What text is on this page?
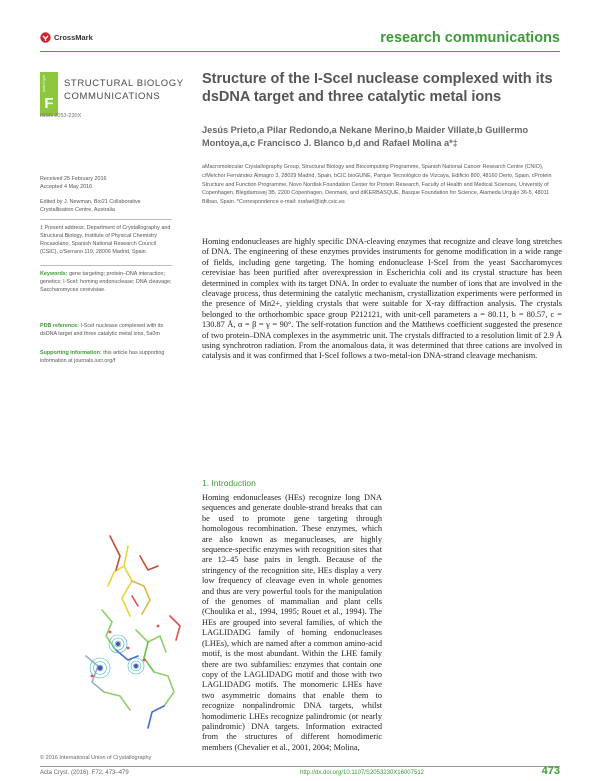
CrossMark	research communications
F
Acta Cryst. STRUCTURAL BIOLOGY
COMMUNICATIONS
ISSN 2053-230X
Received 25 February 2016
Accepted 4 May 2016
Edited by J. Newman, Bio21 Collaborative Crystallisation Centre, Australia
‡ Present address: Department of Crystallography and Structural Biology, Institute of Physical Chemistry Rocasolano, Spanish National Research Council (CSIC), c/Serrano 119, 28006 Madrid, Spain.
Keywords: gene targeting; protein–DNA interaction; genetics; I-SceI; homing endonuclease; DNA cleavage; Saccharomyces cerevisiae.
PDB reference: I-SceI nuclease complexed with its dsDNA target and three catalytic metal ions, 5a0m
Supporting information: this article has supporting information at journals.iucr.org/f
Structure of the I-SceI nuclease complexed with its dsDNA target and three catalytic metal ions
Jesús Prieto,a Pilar Redondo,a Nekane Merino,b Maider Villate,b Guillermo Montoya,a,c Francisco J. Blanco b,d and Rafael Molina a*‡
aMacromolecular Crystallography Group, Structural Biology and Biocomputing Programme, Spanish National Cancer Research Centre (CNIO), c/Melchor Fernández Almagro 3, 28029 Madrid, Spain, bCIC bioGUNE, Parque Tecnológico de Vizcaya, Edificio 800, 48160 Derio, Spain, cProtein Structure and Function Programme, Novo Nordisk Foundation Center for Protein Research, Faculty of Health and Medical Sciences, University of Copenhagen, Blegdamsvej 3B, 2200 Copenhagen, Denmark, and dIKERBASQUE, Basque Foundation for Science, Alameda Urquijo 36-5, 48011 Bilbao, Spain. *Correspondence e-mail: xrafael@iqfr.csic.es
Homing endonucleases are highly specific DNA-cleaving enzymes that recognize and cleave long stretches of DNA. The engineering of these enzymes provides instruments for genome modification in a wide range of fields, including gene targeting. The homing endonuclease I-SceI from the yeast Saccharomyces cerevisiae has been purified after overexpression in Escherichia coli and its crystal structure has been determined in complex with its target DNA. In order to evaluate the number of ions that are involved in the cleavage process, thus determining the catalytic mechanism, crystallization experiments were performed in the presence of Mn2+, yielding crystals that were suitable for X-ray diffraction analysis. The crystals belonged to the orthorhombic space group P212121, with unit-cell parameters a = 80.11, b = 80.57, c = 130.87 Å, α = β = γ = 90°. The self-rotation function and the Matthews coefficient suggested the presence of two protein–DNA complexes in the asymmetric unit. The crystals diffracted to a resolution limit of 2.9 Å using synchrotron radiation. From the anomalous data, it was determined that three cations are involved in catalysis and it was confirmed that I-SceI follows a two-metal-ion DNA-strand cleavage mechanism.
1. Introduction
Homing endonucleases (HEs) recognize long DNA sequences and generate double-strand breaks that can be used to promote gene targeting through homologous recombination. These enzymes, which are also known as meganucleases, are highly sequence-specific enzymes with recognition sites that are 12–45 base pairs in length. Because of the stringency of the recognition site, HEs display a very low frequency of cleavage even in whole genomes and thus are very powerful tools for the manipulation of the genomes of mammalian and plant cells (Choulika et al., 1994, 1995; Rouet et al., 1994). The HEs are grouped into several families, of which the LAGLIDADG family of homing endonucleases (LHEs), which are named after a common amino-acid motif, is the most abundant. Within the LHE family there are two subfamilies: enzymes that contain one copy of the LAGLIDADG motif and those with two LAGLIDADG motifs. The monomeric LHEs have two asymmetric domains that enable them to recognize nonpalindromic DNA targets, whilst homodimeric LHEs recognize palindromic (or nearly palindromic) DNA targets. Information extracted from the structures of different homodimeric members (Chevalier et al., 2001, 2004; Molina,
© 2016 International Union of Crystallography
Acta Cryst. (2016). F72, 473–479	http://dx.doi.org/10.1107/S2053230X16007512	473
